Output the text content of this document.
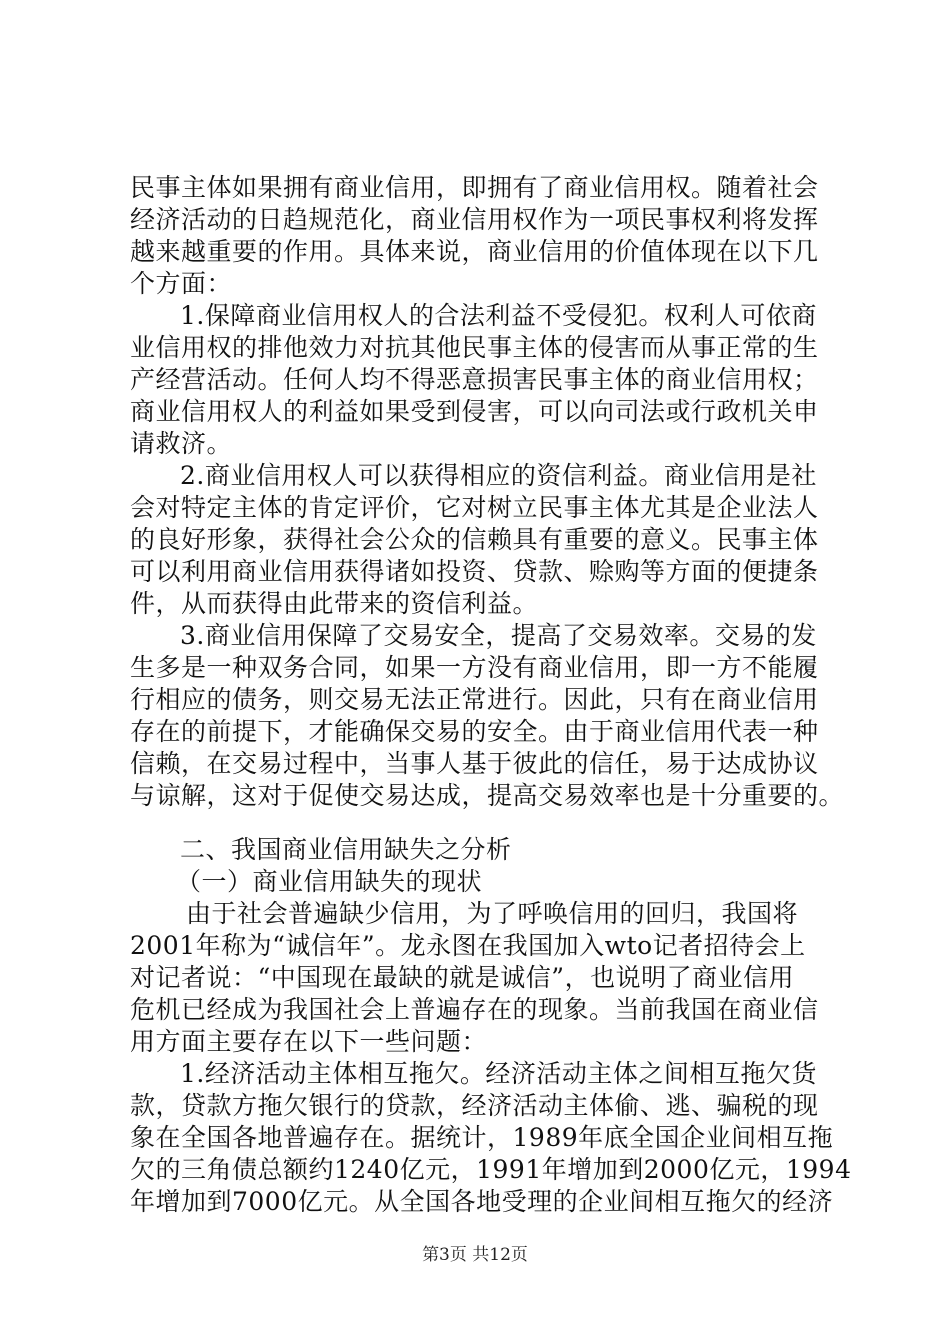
民事主体如果拥有商业信用，即拥有了商业信用权。随着社会
经济活动的日趋规范化，商业信用权作为一项民事权利将发挥
越来越重要的作用。具体来说，商业信用的价值体现在以下几
个方面：
1.保障商业信用权人的合法利益不受侵犯。权利人可依商
业信用权的排他效力对抗其他民事主体的侵害而从事正常的生
产经营活动。任何人均不得恶意损害民事主体的商业信用权；
商业信用权人的利益如果受到侵害，可以向司法或行政机关申
请救济。
2.商业信用权人可以获得相应的资信利益。商业信用是社
会对特定主体的肯定评价，它对树立民事主体尤其是企业法人
的良好形象，获得社会公众的信赖具有重要的意义。民事主体
可以利用商业信用获得诸如投资、贷款、赊购等方面的便捷条
件，从而获得由此带来的资信利益。
3.商业信用保障了交易安全，提高了交易效率。交易的发
生多是一种双务合同，如果一方没有商业信用，即一方不能履
行相应的债务，则交易无法正常进行。因此，只有在商业信用
存在的前提下，才能确保交易的安全。由于商业信用代表一种
信赖，在交易过程中，当事人基于彼此的信任，易于达成协议
与谅解，这对于促使交易达成，提高交易效率也是十分重要的。
二、我国商业信用缺失之分析
（一）商业信用缺失的现状
由于社会普遍缺少信用，为了呼唤信用的回归，我国将
2001年称为“诚信年”。龙永图在我国加入wto记者招待会上
对记者说：“中国现在最缺的就是诚信”，也说明了商业信用
危机已经成为我国社会上普遍存在的现象。当前我国在商业信
用方面主要存在以下一些问题：
1.经济活动主体相互拖欠。经济活动主体之间相互拖欠货
款，贷款方拖欠银行的贷款，经济活动主体偷、逃、骗税的现
象在全国各地普遍存在。据统计，1989年底全国企业间相互拖
欠的三角债总额约1240亿元，1991年增加到2000亿元，1994
年增加到7000亿元。从全国各地受理的企业间相互拖欠的经济
第3页 共12页
